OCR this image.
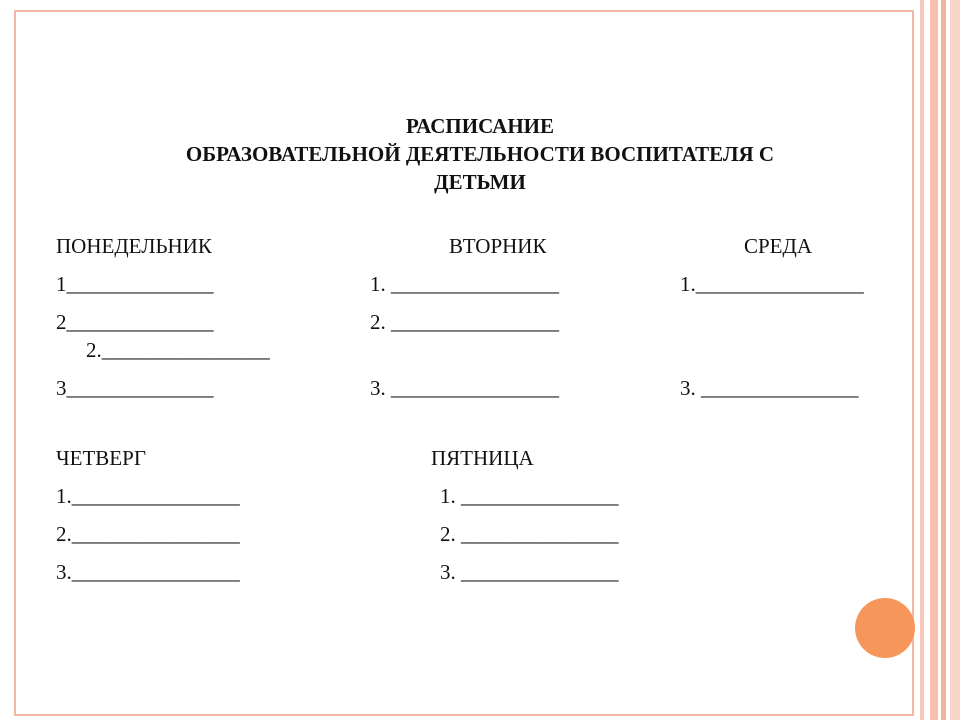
РАСПИСАНИЕ
ОБРАЗОВАТЕЛЬНОЙ ДЕЯТЕЛЬНОСТИ ВОСПИТАТЕЛЯ С
ДЕТЬМИ
ПОНЕДЕЛЬНИК
1______________
2______________
2.________________
3______________
ВТОРНИК
1. ________________
2. ________________
3. ________________
СРЕДА
1.________________
3. _______________
ЧЕТВЕРГ
1.________________
2.________________
3.________________
ПЯТНИЦА
1. _______________
2. _______________
3. _______________
